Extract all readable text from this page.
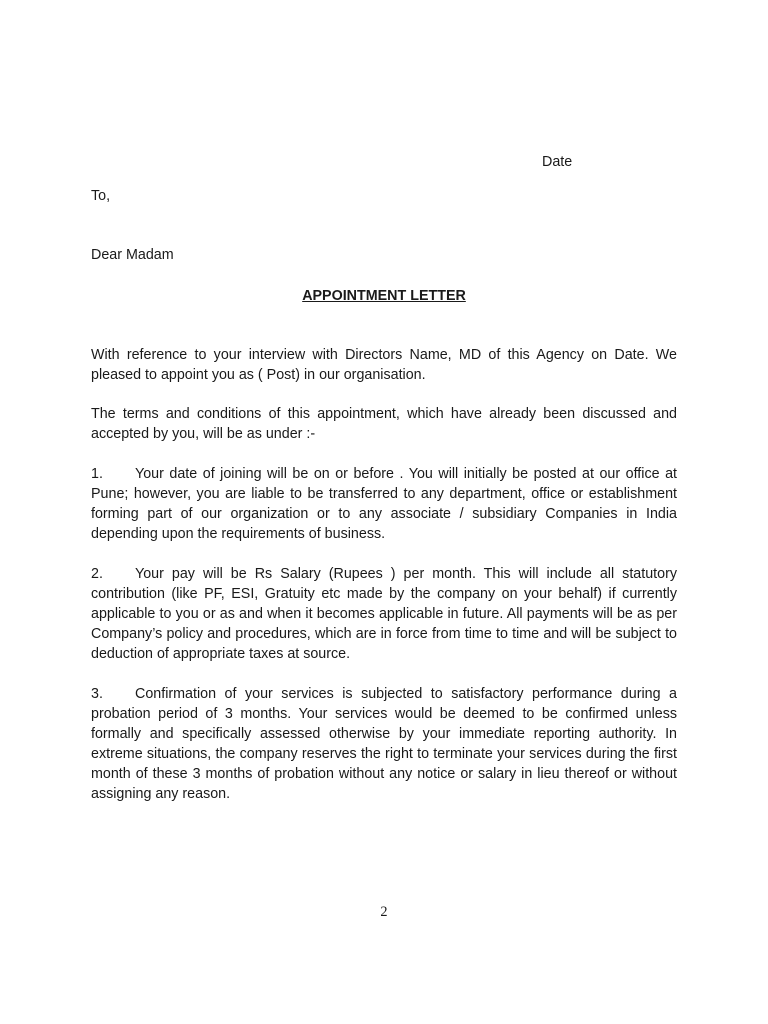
Date
To,
Dear Madam
APPOINTMENT LETTER

With reference to your interview with Directors Name, MD of this Agency on Date. We pleased to appoint you as ( Post) in our organisation.

The terms and conditions of this appointment, which have already been discussed and accepted by you, will be as under :-

1. Your date of joining will be on or before . You will initially be posted at our office at Pune; however, you are liable to be transferred to any department, office or establishment forming part of our organization or to any associate / subsidiary Companies in India depending upon the requirements of business.

2. Your pay will be Rs Salary (Rupees ) per month. This will include all statutory contribution (like PF, ESI, Gratuity etc made by the company on your behalf) if currently applicable to you or as and when it becomes applicable in future. All payments will be as per Company’s policy and procedures, which are in force from time to time and will be subject to deduction of appropriate taxes at source.

3. Confirmation of your services is subjected to satisfactory performance during a probation period of 3 months. Your services would be deemed to be confirmed unless formally and specifically assessed otherwise by your immediate reporting authority. In extreme situations, the company reserves the right to terminate your services during the first month of these 3 months of probation without any notice or salary in lieu thereof or without assigning any reason.

2
